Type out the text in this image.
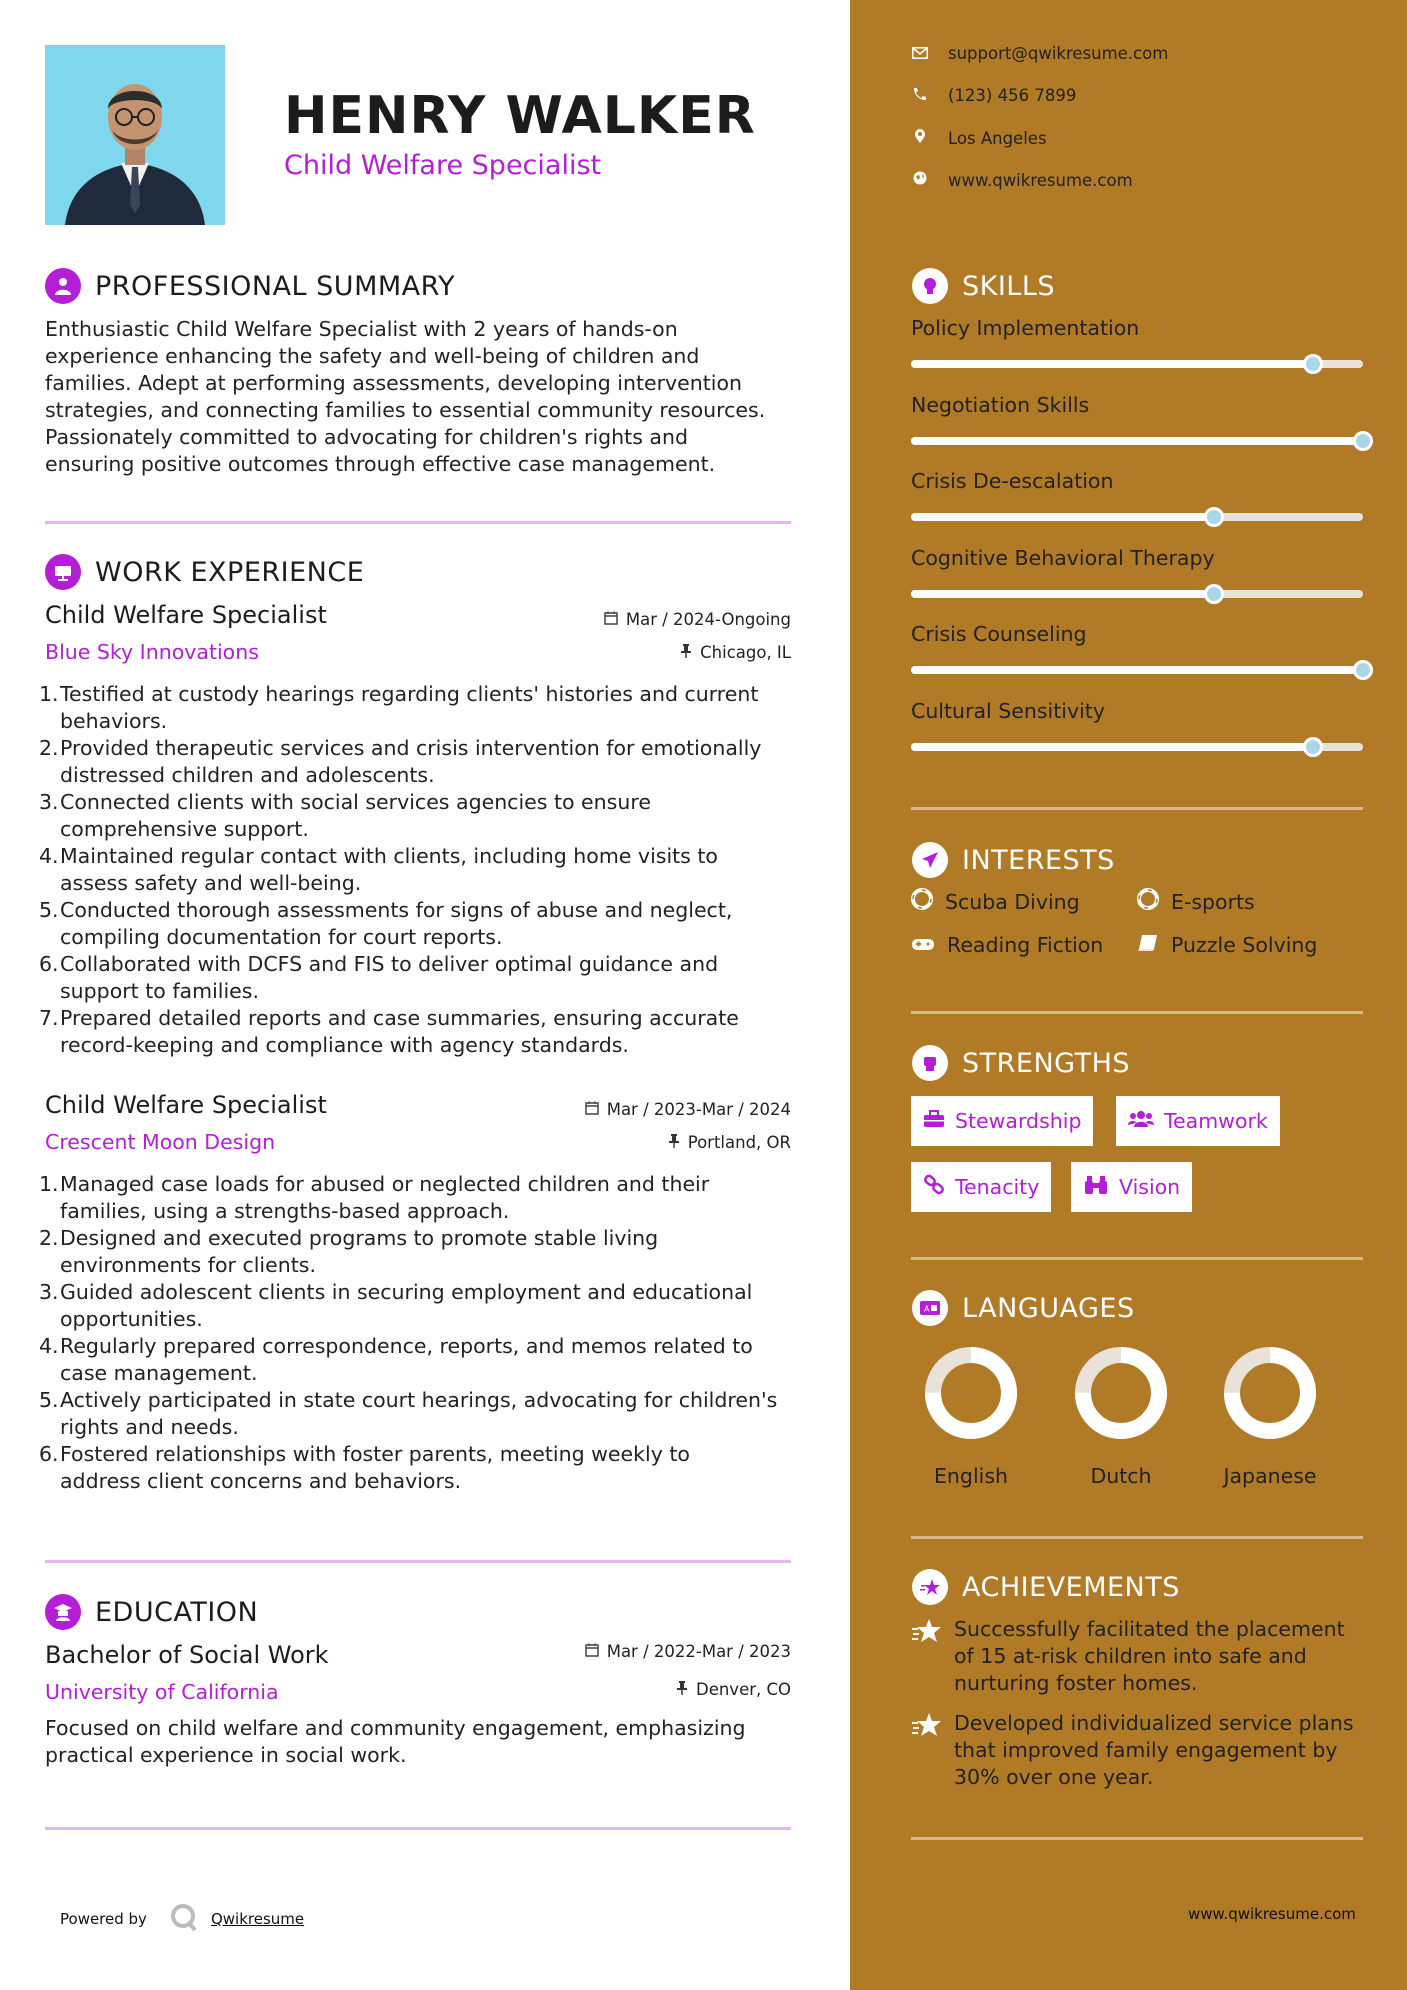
HENRY WALKER
Child Welfare Specialist
PROFESSIONAL SUMMARY
Enthusiastic Child Welfare Specialist with 2 years of hands-on
experience enhancing the safety and well-being of children and
families. Adept at performing assessments, developing intervention
strategies, and connecting families to essential community resources.
Passionately committed to advocating for children's rights and
ensuring positive outcomes through effective case management.
WORK EXPERIENCE
Child Welfare Specialist	Mar / 2024-Ongoing
Blue Sky Innovations	Chicago, IL
1. Testified at custody hearings regarding clients' histories and current
behaviors.
2. Provided therapeutic services and crisis intervention for emotionally
distressed children and adolescents.
3. Connected clients with social services agencies to ensure
comprehensive support.
4. Maintained regular contact with clients, including home visits to
assess safety and well-being.
5. Conducted thorough assessments for signs of abuse and neglect,
compiling documentation for court reports.
6. Collaborated with DCFS and FIS to deliver optimal guidance and
support to families.
7. Prepared detailed reports and case summaries, ensuring accurate
record-keeping and compliance with agency standards.
Child Welfare Specialist	Mar / 2023-Mar / 2024
Crescent Moon Design	Portland, OR
1. Managed case loads for abused or neglected children and their
families, using a strengths-based approach.
2. Designed and executed programs to promote stable living
environments for clients.
3. Guided adolescent clients in securing employment and educational
opportunities.
4. Regularly prepared correspondence, reports, and memos related to
case management.
5. Actively participated in state court hearings, advocating for children's
rights and needs.
6. Fostered relationships with foster parents, meeting weekly to
address client concerns and behaviors.
EDUCATION
Bachelor of Social Work	Mar / 2022-Mar / 2023
University of California	Denver, CO
Focused on child welfare and community engagement, emphasizing
practical experience in social work.
Powered by	Qwikresume
support@qwikresume.com
(123) 456 7899
Los Angeles
www.qwikresume.com
SKILLS
Policy Implementation
Negotiation Skills
Crisis De-escalation
Cognitive Behavioral Therapy
Crisis Counseling
Cultural Sensitivity
INTERESTS
Scuba Diving	E-sports
Reading Fiction	Puzzle Solving
STRENGTHS
Stewardship	Teamwork
Tenacity	Vision
A LANGUAGES
English	Dutch	Japanese
ACHIEVEMENTS
Successfully facilitated the placement
of 15 at-risk children into safe and
nurturing foster homes.
Developed individualized service plans
that improved family engagement by
30% over one year.
www.qwikresume.com
